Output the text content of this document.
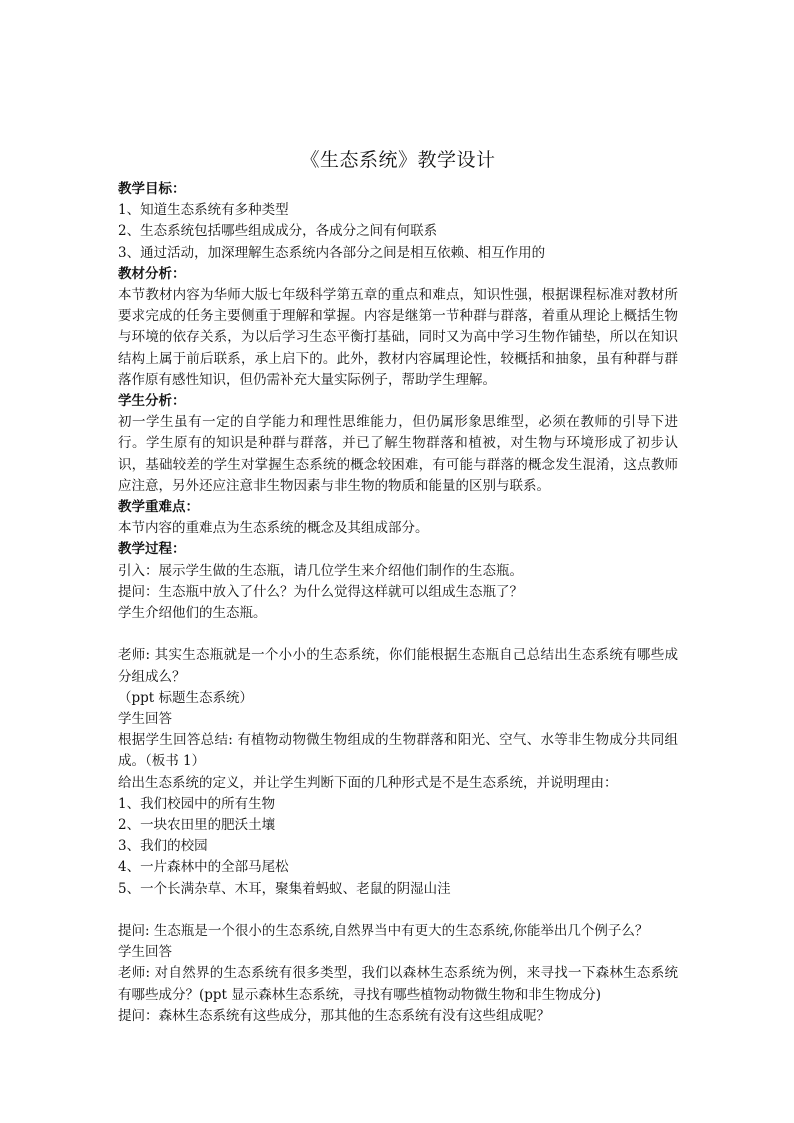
《生态系统》教学设计
教学目标：
1、知道生态系统有多种类型
2、生态系统包括哪些组成成分，各成分之间有何联系
3、通过活动，加深理解生态系统内各部分之间是相互依赖、相互作用的
教材分析：
本节教材内容为华师大版七年级科学第五章的重点和难点，知识性强，根据课程标准对教材所要求完成的任务主要侧重于理解和掌握。内容是继第一节种群与群落，着重从理论上概括生物与环境的依存关系，为以后学习生态平衡打基础，同时又为高中学习生物作铺垫，所以在知识结构上属于前后联系，承上启下的。此外，教材内容属理论性，较概括和抽象，虽有种群与群落作原有感性知识，但仍需补充大量实际例子，帮助学生理解。
学生分析：
初一学生虽有一定的自学能力和理性思维能力，但仍属形象思维型，必须在教师的引导下进行。学生原有的知识是种群与群落，并已了解生物群落和植被，对生物与环境形成了初步认识，基础较差的学生对掌握生态系统的概念较困难，有可能与群落的概念发生混淆，这点教师应注意，另外还应注意非生物因素与非生物的物质和能量的区别与联系。
教学重难点：
本节内容的重难点为生态系统的概念及其组成部分。
教学过程：
引入：展示学生做的生态瓶，请几位学生来介绍他们制作的生态瓶。
提问：生态瓶中放入了什么？为什么觉得这样就可以组成生态瓶了？
学生介绍他们的生态瓶。
老师: 其实生态瓶就是一个小小的生态系统，你们能根据生态瓶自己总结出生态系统有哪些成分组成么？
（ppt 标题生态系统）
学生回答
根据学生回答总结: 有植物动物微生物组成的生物群落和阳光、空气、水等非生物成分共同组成。（板书 1）
给出生态系统的定义，并让学生判断下面的几种形式是不是生态系统，并说明理由：
1、我们校园中的所有生物
2、一块农田里的肥沃土壤
3、我们的校园
4、一片森林中的全部马尾松
5、一个长满杂草、木耳，聚集着蚂蚁、老鼠的阴湿山洼
提问: 生态瓶是一个很小的生态系统,自然界当中有更大的生态系统,你能举出几个例子么？
学生回答
老师: 对自然界的生态系统有很多类型，我们以森林生态系统为例，来寻找一下森林生态系统有哪些成分？(ppt 显示森林生态系统，寻找有哪些植物动物微生物和非生物成分)
提问：森林生态系统有这些成分，那其他的生态系统有没有这些组成呢？
